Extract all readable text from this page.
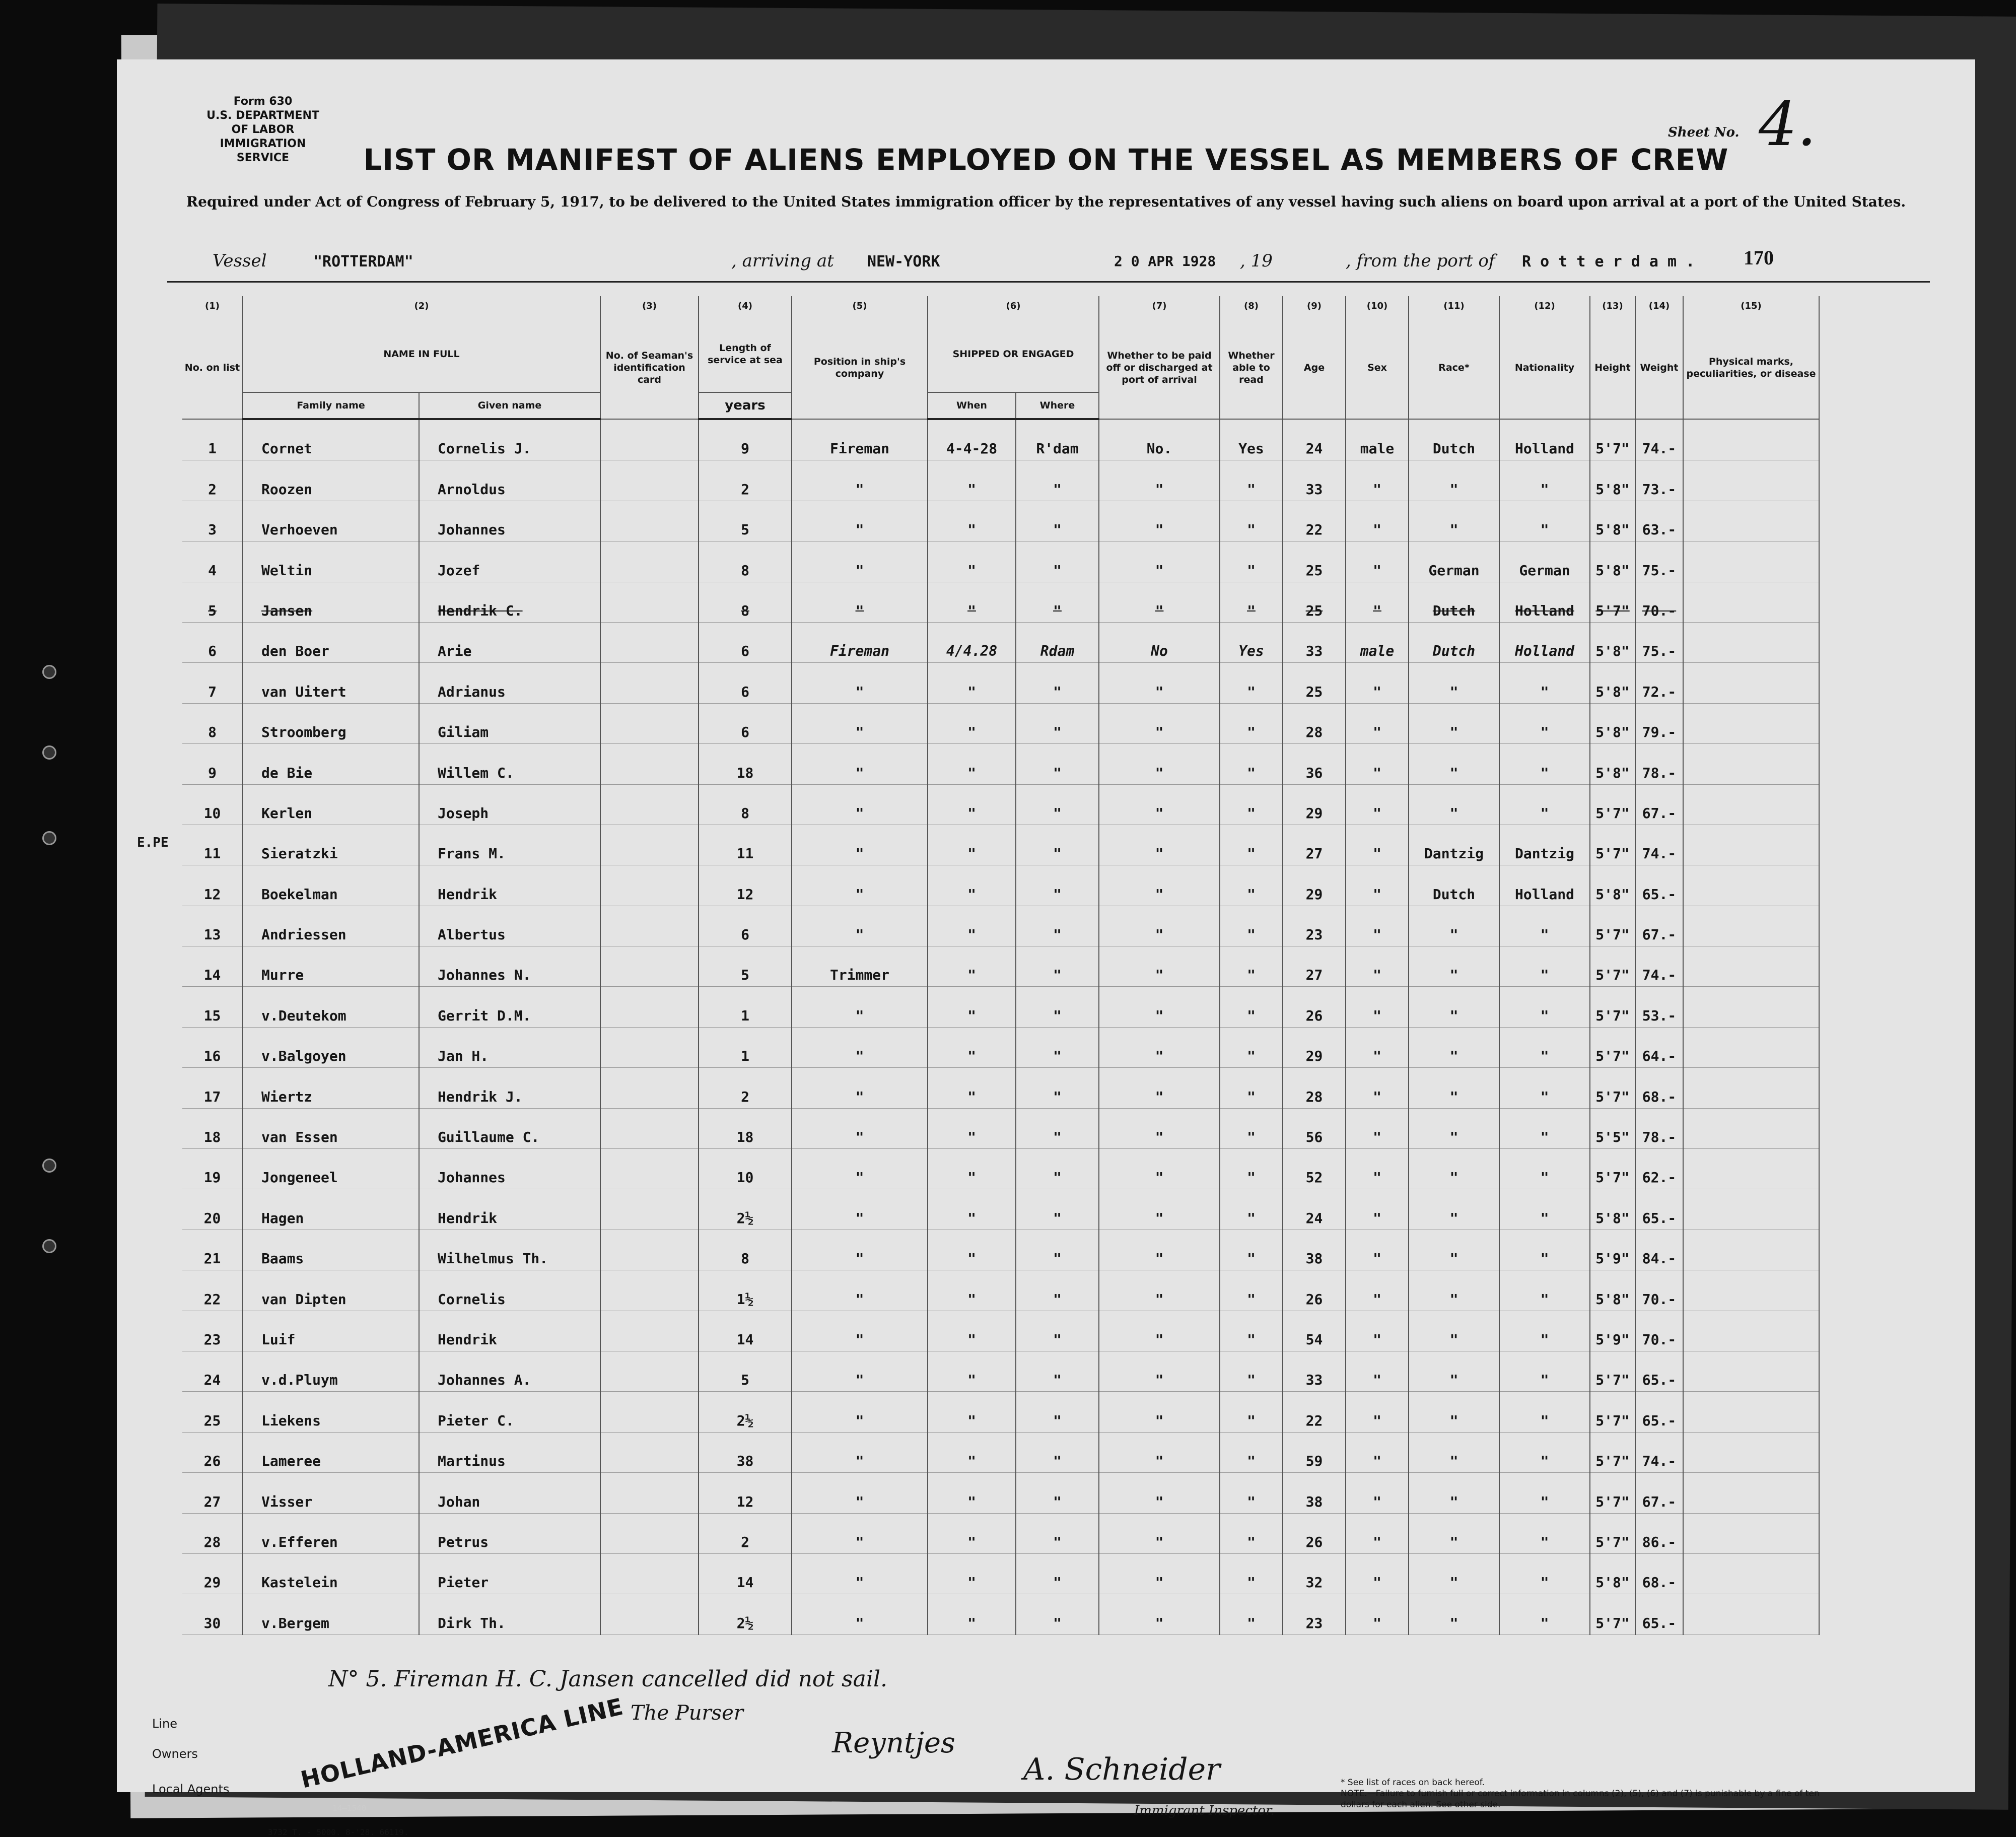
Form 630
U.S. DEPARTMENT OF LABOR
IMMIGRATION SERVICE
Sheet No. 4.
LIST OR MANIFEST OF ALIENS EMPLOYED ON THE VESSEL AS MEMBERS OF CREW
Required under Act of Congress of February 5, 1917, to be delivered to the United States immigration officer by the representatives of any vessel having such aliens on board upon arrival at a port of the United States.
Vessel	"ROTTERDAM"	, arriving at NEW-YORK	2 0 APR 1928 , 19	, from the port of R o t t e r d a m . 170
E.PE
(1)	(2)		(3)	(4)	(5)	(6)		(7)	(8)	(9)	(10)	(11)	(12)	(13)	(14)	(15)
No. on list	NAME IN FULL		No. of Seaman's identification card	Length of service at sea	Position in ship's company	SHIPPED OR ENGAGED		Whether to be paid off or discharged at port of arrival	Whether able to read	Age	Sex	Race*	Nationality	Height	Weight	Physical marks, peculiarities, or disease
	Family name	Given name		years		When	Where									
1	Cornet	Cornelis J.		9	Fireman	4-4-28	R'dam	No.	Yes	24	male	Dutch	Holland	5'7"	74.-	
2	Roozen	Arnoldus		2	"	"	"	"	"	33	"	"	"	5'8"	73.-	
3	Verhoeven	Johannes		5	"	"	"	"	"	22	"	"	"	5'8"	63.-	
4	Weltin	Jozef		8	"	"	"	"	"	25	"	German	German	5'8"	75.-	
5	Jansen	Hendrik C.		8	"	"	"	"	"	25	"	Dutch	Holland	5'7"	70.-	
6	den Boer	Arie		6	Fireman	4/4.28	Rdam	No	Yes	33	male	Dutch	Holland	5'8"	75.-	
7	van Uitert	Adrianus		6	"	"	"	"	"	25	"	"	"	5'8"	72.-	
8	Stroomberg	Giliam		6	"	"	"	"	"	28	"	"	"	5'8"	79.-	
9	de Bie	Willem C.		18	"	"	"	"	"	36	"	"	"	5'8"	78.-	
10	Kerlen	Joseph		8	"	"	"	"	"	29	"	"	"	5'7"	67.-	
11	Sieratzki	Frans M.		11	"	"	"	"	"	27	"	Dantzig	Dantzig	5'7"	74.-	
12	Boekelman	Hendrik		12	"	"	"	"	"	29	"	Dutch	Holland	5'8"	65.-	
13	Andriessen	Albertus		6	"	"	"	"	"	23	"	"	"	5'7"	67.-	
14	Murre	Johannes N.		5	Trimmer	"	"	"	"	27	"	"	"	5'7"	74.-	
15	v.Deutekom	Gerrit D.M.		1	"	"	"	"	"	26	"	"	"	5'7"	53.-	
16	v.Balgoyen	Jan H.		1	"	"	"	"	"	29	"	"	"	5'7"	64.-	
17	Wiertz	Hendrik J.		2	"	"	"	"	"	28	"	"	"	5'7"	68.-	
18	van Essen	Guillaume C.		18	"	"	"	"	"	56	"	"	"	5'5"	78.-	
19	Jongeneel	Johannes		10	"	"	"	"	"	52	"	"	"	5'7"	62.-	
20	Hagen	Hendrik		2½	"	"	"	"	"	24	"	"	"	5'8"	65.-	
21	Baams	Wilhelmus Th.		8	"	"	"	"	"	38	"	"	"	5'9"	84.-	
22	van Dipten	Cornelis		1½	"	"	"	"	"	26	"	"	"	5'8"	70.-	
23	Luif	Hendrik		14	"	"	"	"	"	54	"	"	"	5'9"	70.-	
24	v.d.Pluym	Johannes A.		5	"	"	"	"	"	33	"	"	"	5'7"	65.-	
25	Liekens	Pieter C.		2½	"	"	"	"	"	22	"	"	"	5'7"	65.-	
26	Lameree	Martinus		38	"	"	"	"	"	59	"	"	"	5'7"	74.-	
27	Visser	Johan		12	"	"	"	"	"	38	"	"	"	5'7"	67.-	
28	v.Efferen	Petrus		2	"	"	"	"	"	26	"	"	"	5'7"	86.-	
29	Kastelein	Pieter		14	"	"	"	"	"	32	"	"	"	5'8"	68.-	
30	v.Bergem	Dirk Th.		2½	"	"	"	"	"	23	"	"	"	5'7"	65.-	
N° 5. Fireman H. C. Jansen cancelled did not sail.
The Purser
Reyntjes
Line
Owners
Local Agents	HOLLAND-AMERICA LINE	A. Schneider
Immigrant Inspector.
* See list of races on back hereof.
NOTE.—Failure to furnish full or correct information in columns (2), (5), (6) and (7) is punishable by a fine of ten dollars for each alien. See other side.
3732 T. - 5000. 8-'28. 66119.
14—1540
